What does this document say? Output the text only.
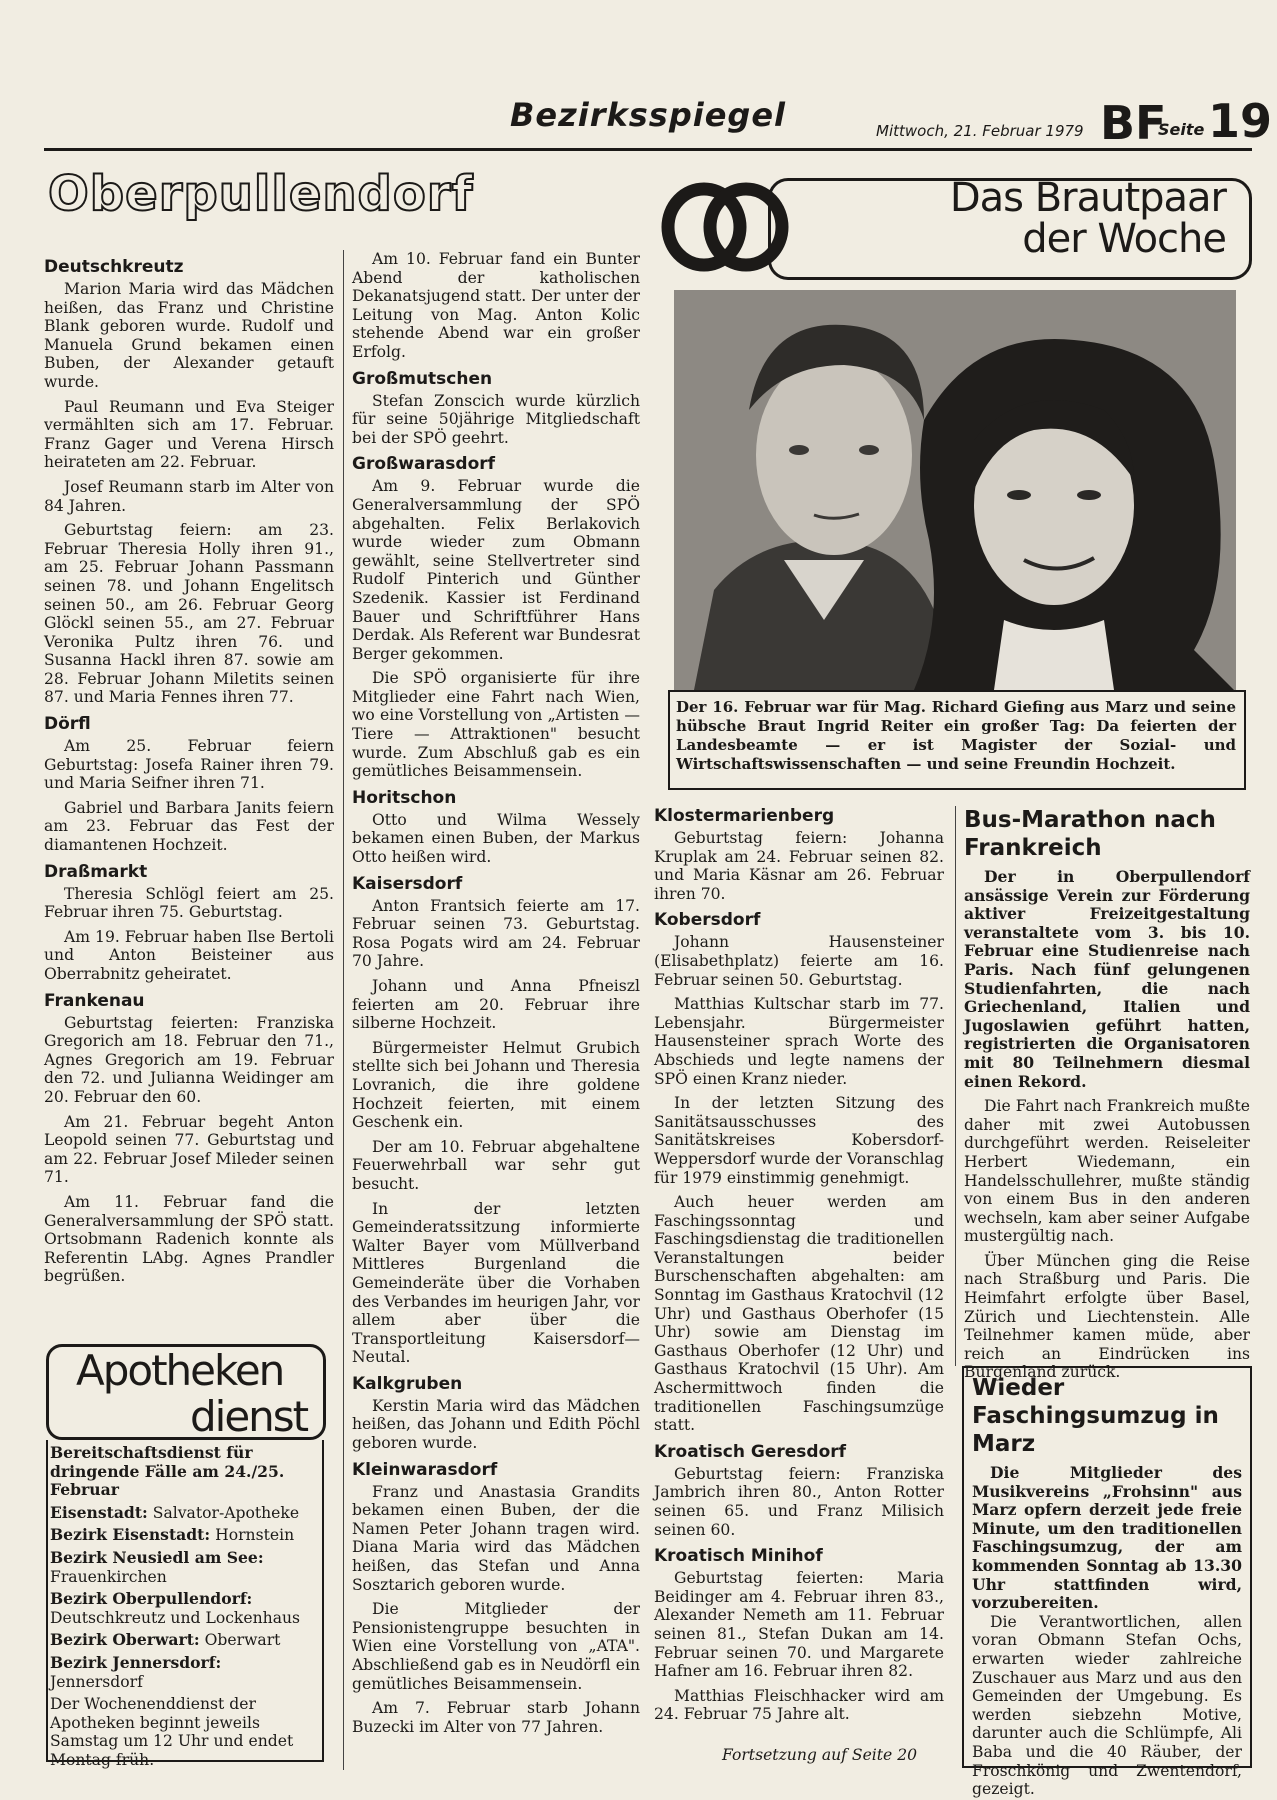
Bezirksspiegel	Mittwoch, 21. Februar 1979 BF
Seite 19
Oberpullendorf
Deutschkreutz

Marion Maria wird das Mädchen heißen, das Franz und Christine Blank geboren wurde. Rudolf und Manuela Grund bekamen einen Buben, der Alexander getauft wurde.

Paul Reumann und Eva Steiger vermählten sich am 17. Februar. Franz Gager und Verena Hirsch heirateten am 22. Februar.

Josef Reumann starb im Alter von 84 Jahren.

Geburtstag feiern: am 23. Februar Theresia Holly ihren 91., am 25. Februar Johann Passmann seinen 78. und Johann Engelitsch seinen 50., am 26. Februar Georg Glöckl seinen 55., am 27. Februar Veronika Pultz ihren 76. und Susanna Hackl ihren 87. sowie am 28. Februar Johann Miletits seinen 87. und Maria Fennes ihren 77.

Dörfl

Am 25. Februar feiern Geburtstag: Josefa Rainer ihren 79. und Maria Seifner ihren 71.

Gabriel und Barbara Janits feiern am 23. Februar das Fest der diamantenen Hochzeit.

Draßmarkt

Theresia Schlögl feiert am 25. Februar ihren 75. Geburtstag.

Am 19. Februar haben Ilse Bertoli und Anton Beisteiner aus Oberrabnitz geheiratet.

Frankenau

Geburtstag feierten: Franziska Gregorich am 18. Februar den 71., Agnes Gregorich am 19. Februar den 72. und Julianna Weidinger am 20. Februar den 60.

Am 21. Februar begeht Anton Leopold seinen 77. Geburtstag und am 22. Februar Josef Mileder seinen 71.

Am 11. Februar fand die Generalversammlung der SPÖ statt. Ortsobmann Radenich konnte als Referentin LAbg. Agnes Prandler begrüßen.

Apotheken
dienst

Bereitschaftsdienst für dringende Fälle am 24./25. Februar

Eisenstadt: Salvator-Apotheke

Bezirk Eisenstadt: Hornstein

Bezirk Neusiedl am See: Frauenkirchen

Bezirk Oberpullendorf: Deutschkreutz und Lockenhaus

Bezirk Oberwart: Oberwart

Bezirk Jennersdorf: Jennersdorf

Der Wochenenddienst der Apotheken beginnt jeweils Samstag um 12 Uhr und endet Montag früh.

Am 10. Februar fand ein Bunter Abend der katholischen Dekanatsjugend statt. Der unter der Leitung von Mag. Anton Kolic stehende Abend war ein großer Erfolg.

Großmutschen

Stefan Zonscich wurde kürzlich für seine 50jährige Mitgliedschaft bei der SPÖ geehrt.

Großwarasdorf

Am 9. Februar wurde die Generalversammlung der SPÖ abgehalten. Felix Berlakovich wurde wieder zum Obmann gewählt, seine Stellvertreter sind Rudolf Pinterich und Günther Szedenik. Kassier ist Ferdinand Bauer und Schriftführer Hans Derdak. Als Referent war Bundesrat Berger gekommen.

Die SPÖ organisierte für ihre Mitglieder eine Fahrt nach Wien, wo eine Vorstellung von „Artisten — Tiere — Attraktionen" besucht wurde. Zum Abschluß gab es ein gemütliches Beisammensein.

Horitschon

Otto und Wilma Wessely bekamen einen Buben, der Markus Otto heißen wird.

Kaisersdorf

Anton Frantsich feierte am 17. Februar seinen 73. Geburtstag. Rosa Pogats wird am 24. Februar 70 Jahre.

Johann und Anna Pfneiszl feierten am 20. Februar ihre silberne Hochzeit.

Bürgermeister Helmut Grubich stellte sich bei Johann und Theresia Lovranich, die ihre goldene Hochzeit feierten, mit einem Geschenk ein.

Der am 10. Februar abgehaltene Feuerwehrball war sehr gut besucht.

In der letzten Gemeinderatssitzung informierte Walter Bayer vom Müllverband Mittleres Burgenland die Gemeinderäte über die Vorhaben des Verbandes im heurigen Jahr, vor allem aber über die Transportleitung Kaisersdorf—Neutal.

Kalkgruben

Kerstin Maria wird das Mädchen heißen, das Johann und Edith Pöchl geboren wurde.

Kleinwarasdorf

Franz und Anastasia Grandits bekamen einen Buben, der die Namen Peter Johann tragen wird. Diana Maria wird das Mädchen heißen, das Stefan und Anna Sosztarich geboren wurde.

Die Mitglieder der Pensionistengruppe besuchten in Wien eine Vorstellung von „ATA". Abschließend gab es in Neudörfl ein gemütliches Beisammensein.

Am 7. Februar starb Johann Buzecki im Alter von 77 Jahren.

Das Brautpaar
der Woche
Der 16. Februar war für Mag. Richard Giefing aus Marz und seine hübsche Braut Ingrid Reiter ein großer Tag: Da feierten der Landesbeamte — er ist Magister der Sozial- und Wirtschaftswissenschaften — und seine Freundin Hochzeit.
Klostermarienberg

Geburtstag feiern: Johanna Kruplak am 24. Februar seinen 82. und Maria Käsnar am 26. Februar ihren 70.

Kobersdorf

Johann Hausensteiner (Elisabethplatz) feierte am 16. Februar seinen 50. Geburtstag.

Matthias Kultschar starb im 77. Lebensjahr. Bürgermeister Hausensteiner sprach Worte des Abschieds und legte namens der SPÖ einen Kranz nieder.

In der letzten Sitzung des Sanitätsausschusses des Sanitätskreises Kobersdorf-Weppersdorf wurde der Voranschlag für 1979 einstimmig genehmigt.

Auch heuer werden am Faschingssonntag und Faschingsdienstag die traditionellen Veranstaltungen beider Burschenschaften abgehalten: am Sonntag im Gasthaus Kratochvil (12 Uhr) und Gasthaus Oberhofer (15 Uhr) sowie am Dienstag im Gasthaus Oberhofer (12 Uhr) und Gasthaus Kratochvil (15 Uhr). Am Aschermittwoch finden die traditionellen Faschingsumzüge statt.

Kroatisch Geresdorf

Geburtstag feiern: Franziska Jambrich ihren 80., Anton Rotter seinen 65. und Franz Milisich seinen 60.

Kroatisch Minihof

Geburtstag feierten: Maria Beidinger am 4. Februar ihren 83., Alexander Nemeth am 11. Februar seinen 81., Stefan Dukan am 14. Februar seinen 70. und Margarete Hafner am 16. Februar ihren 82.

Matthias Fleischhacker wird am 24. Februar 75 Jahre alt.

Fortsetzung auf Seite 20
Bus-Marathon nach Frankreich

Der in Oberpullendorf ansässige Verein zur Förderung aktiver Freizeitgestaltung veranstaltete vom 3. bis 10. Februar eine Studienreise nach Paris. Nach fünf gelungenen Studienfahrten, die nach Griechenland, Italien und Jugoslawien geführt hatten, registrierten die Organisatoren mit 80 Teilnehmern diesmal einen Rekord.

Die Fahrt nach Frankreich mußte daher mit zwei Autobussen durchgeführt werden. Reiseleiter Herbert Wiedemann, ein Handelsschullehrer, mußte ständig von einem Bus in den anderen wechseln, kam aber seiner Aufgabe mustergültig nach.

Über München ging die Reise nach Straßburg und Paris. Die Heimfahrt erfolgte über Basel, Zürich und Liechtenstein. Alle Teilnehmer kamen müde, aber reich an Eindrücken ins Burgenland zurück.

Wieder Faschingsumzug in Marz

Die Mitglieder des Musikvereins „Frohsinn" aus Marz opfern derzeit jede freie Minute, um den traditionellen Faschingsumzug, der am kommenden Sonntag ab 13.30 Uhr stattfinden wird, vorzubereiten.

Die Verantwortlichen, allen voran Obmann Stefan Ochs, erwarten wieder zahlreiche Zuschauer aus Marz und aus den Gemeinden der Umgebung. Es werden siebzehn Motive, darunter auch die Schlümpfe, Ali Baba und die 40 Räuber, der Froschkönig und Zwentendorf, gezeigt.
